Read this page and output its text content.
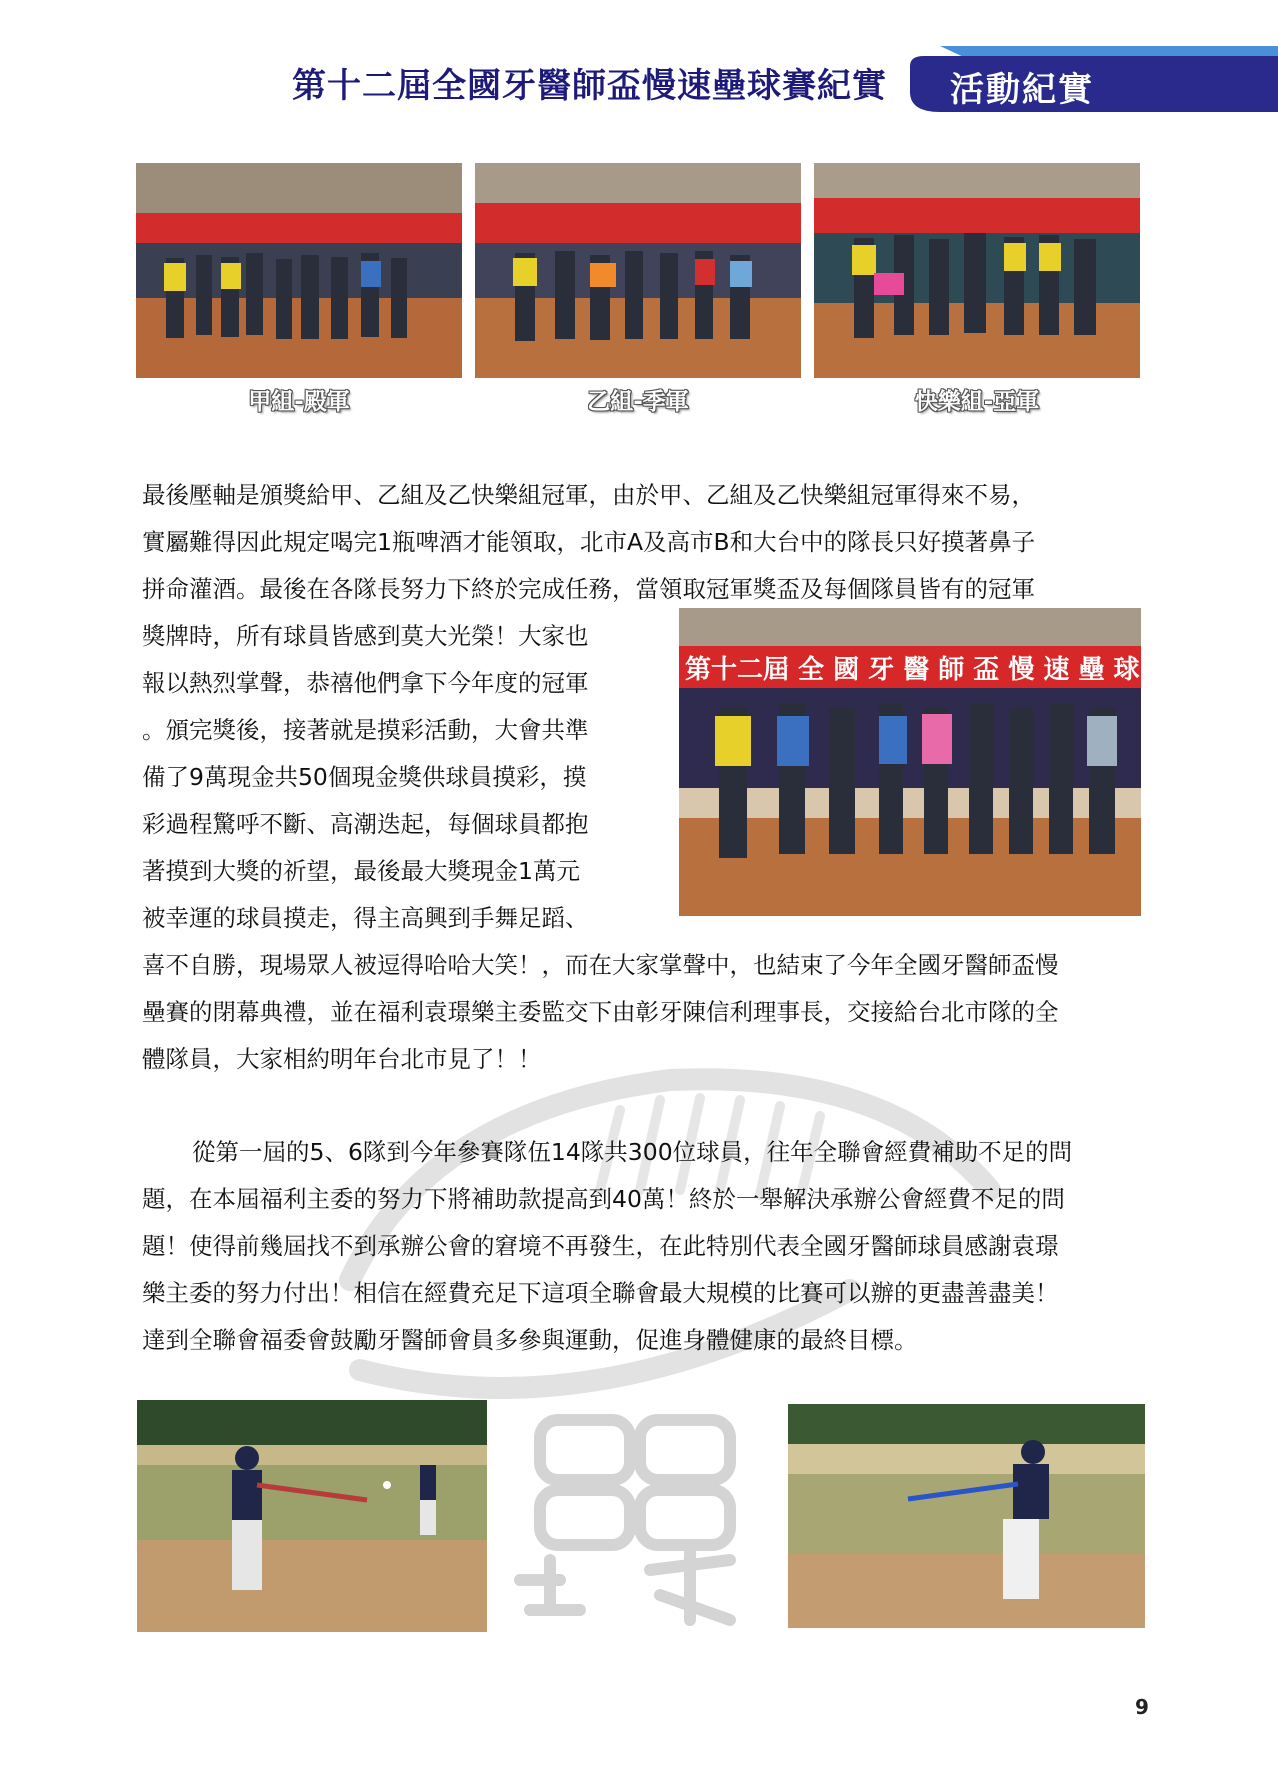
第十二屆全國牙醫師盃慢速壘球賽紀實 活動紀實
甲組-殿軍	乙組-季軍	快樂組-亞軍
最後壓軸是頒獎給甲、乙組及乙快樂組冠軍，由於甲、乙組及乙快樂組冠軍得來不易，
實屬難得因此規定喝完1瓶啤酒才能領取，北市A及高市B和大台中的隊長只好摸著鼻子
拼命灌酒。最後在各隊長努力下終於完成任務，當領取冠軍獎盃及每個隊員皆有的冠軍
獎牌時，所有球員皆感到莫大光榮！大家也
報以熱烈掌聲，恭禧他們拿下今年度的冠軍
。頒完獎後，接著就是摸彩活動，大會共準
備了9萬現金共50個現金獎供球員摸彩，摸
彩過程驚呼不斷、高潮迭起，每個球員都抱
著摸到大獎的祈望，最後最大獎現金1萬元
被幸運的球員摸走，得主高興到手舞足蹈、
第十二屆 全 國 牙 醫 師 盃 慢 速 壘 球 錦 標
喜不自勝，現場眾人被逗得哈哈大笑！，而在大家掌聲中，也結束了今年全國牙醫師盃慢
壘賽的閉幕典禮，並在福利袁璟樂主委監交下由彰牙陳信利理事長，交接給台北市隊的全
體隊員，大家相約明年台北市見了！！
從第一屆的5、6隊到今年參賽隊伍14隊共300位球員，往年全聯會經費補助不足的問
題，在本屆福利主委的努力下將補助款提高到40萬！終於一舉解決承辦公會經費不足的問
題！使得前幾屆找不到承辦公會的窘境不再發生，在此特別代表全國牙醫師球員感謝袁璟
樂主委的努力付出！相信在經費充足下這項全聯會最大規模的比賽可以辦的更盡善盡美！
達到全聯會福委會鼓勵牙醫師會員多參與運動，促進身體健康的最終目標。
9
